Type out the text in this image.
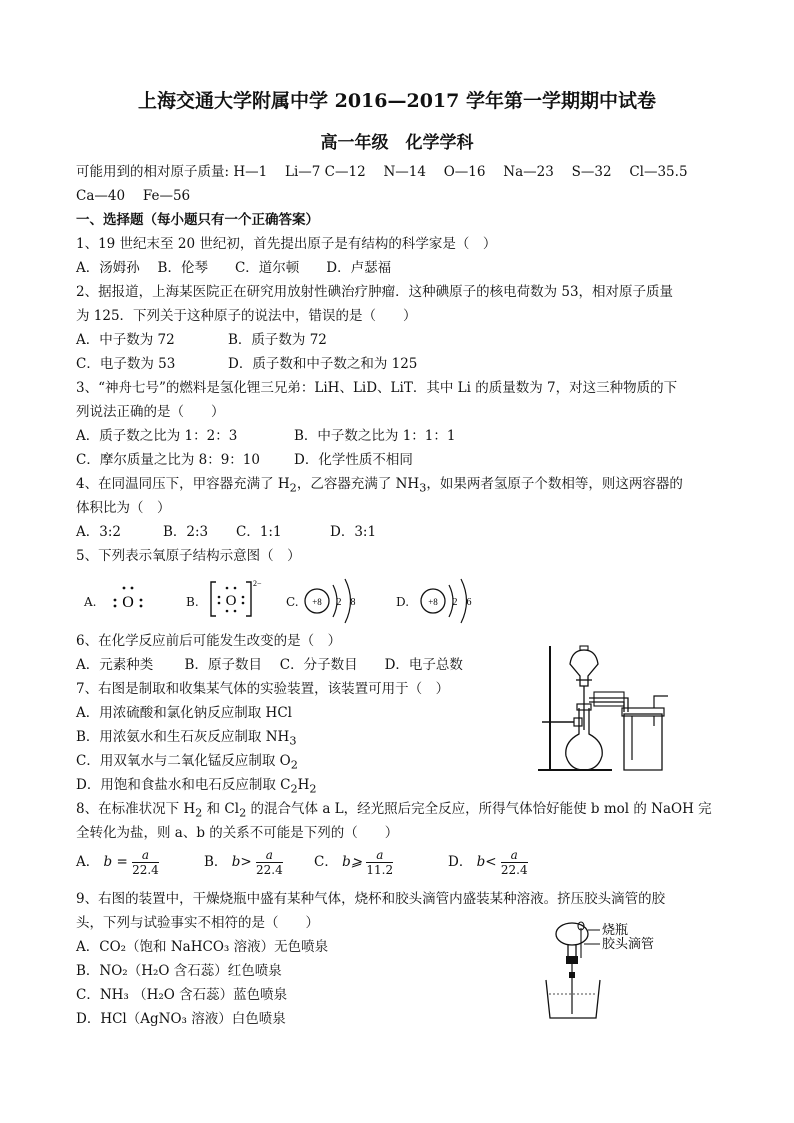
上海交通大学附属中学 2016—2017 学年第一学期期中试卷
高一年级　化学学科
可能用到的相对原子质量: H—1　 Li—7 C—12　 N—14　 O—16　 Na—23　 S—32　 Cl—35.5
Ca—40　 Fe—56
一、选择题（每小题只有一个正确答案）
1、19 世纪末至 20 世纪初，首先提出原子是有结构的科学家是（　）
A．汤姆孙　 B．伦琴　　C．道尔顿　　D．卢瑟福
2、据报道，上海某医院正在研究用放射性碘治疗肿瘤．这种碘原子的核电荷数为 53，相对原子质量
为 125．下列关于这种原子的说法中，错误的是（　　）
A．中子数为 72	B．质子数为 72
C．电子数为 53	D．质子数和中子数之和为 125
3、“神舟七号”的燃料是氢化锂三兄弟：LiH、LiD、LiT．其中 Li 的质量数为 7，对这三种物质的下
列说法正确的是（　　）
A．质子数之比为 1：2：3	B．中子数之比为 1：1：1
C．摩尔质量之比为 8：9：10	D．化学性质不相同
4、在同温同压下，甲容器充满了 $H_2$，乙容器充满了 $NH_3$，如果两者氢原子个数相等，则这两容器的
体积比为（　）
A．3:2	B．2:3 C．1:1	D．3:1
5、下列表示氧原子结构示意图（　）
A.	B.	C.	D.
O	O
2−
+8 2 8	+8 2 6
6、在化学反应前后可能发生改变的是（　）
A．元素种类　　 B．原子数目　 C．分子数目　　D．电子总数
7、右图是制取和收集某气体的实验装置，该装置可用于（　）
A．用浓硫酸和氯化钠反应制取 HCl
B．用浓氨水和生石灰反应制取 $NH_3$
C．用双氧水与二氧化锰反应制取 $O_2$
D．用饱和食盐水和电石反应制取 $C_2H_2$
8、在标准状况下 $H_2$ 和 $Cl_2$ 的混合气体 a L，经光照后完全反应，所得气体恰好能使 b mol 的 NaOH 完
全转化为盐，则 a、b 的关系不可能是下列的（　　）
A． $b = \frac{a}{22.4}$	B． $b> \frac{a}{22.4}$ C． b⩾ $\frac{a}{11.2}$	D． $b< \frac{a}{22.4}$
9、右图的装置中，干燥烧瓶中盛有某种气体，烧杯和胶头滴管内盛装某种溶液。挤压胶头滴管的胶
头，下列与试验事实不相符的是（　　）
A．CO₂（饱和 NaHCO₃ 溶液）无色喷泉
B．NO₂（H₂O 含石蕊）红色喷泉
C．NH₃ （H₂O 含石蕊）蓝色喷泉
D．HCl（AgNO₃ 溶液）白色喷泉
烧瓶
胶头滴管
